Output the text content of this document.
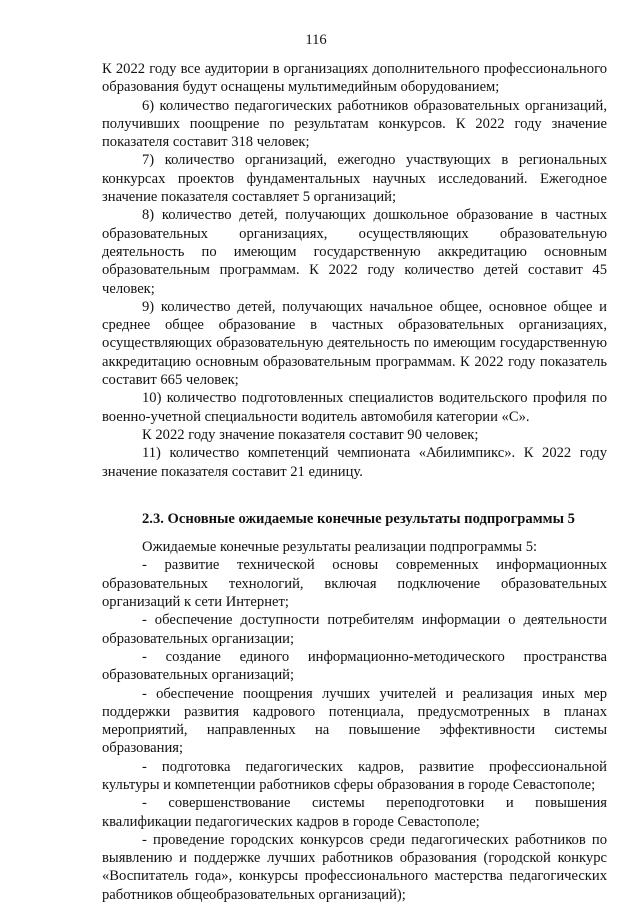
116

К 2022 году все аудитории в организациях дополнительного профессионального образования будут оснащены мультимедийным оборудованием;

6) количество педагогических работников образовательных организаций, получивших поощрение по результатам конкурсов. К 2022 году значение показателя составит 318 человек;

7) количество организаций, ежегодно участвующих в региональных конкурсах проектов фундаментальных научных исследований. Ежегодное значение показателя составляет 5 организаций;

8) количество детей, получающих дошкольное образование в частных образовательных организациях, осуществляющих образовательную деятельность по имеющим государственную аккредитацию основным образовательным программам. К 2022 году количество детей составит 45 человек;

9) количество детей, получающих начальное общее, основное общее и среднее общее образование в частных образовательных организациях, осуществляющих образовательную деятельность по имеющим государственную аккредитацию основным образовательным программам. К 2022 году показатель составит 665 человек;

10) количество подготовленных специалистов водительского профиля по военно-учетной специальности водитель автомобиля категории «С».

К 2022 году значение показателя составит 90 человек;

11) количество компетенций чемпионата «Абилимпикс». К 2022 году значение показателя составит 21 единицу.

2.3. Основные ожидаемые конечные результаты подпрограммы 5

Ожидаемые конечные результаты реализации подпрограммы 5:

- развитие технической основы современных информационных образовательных технологий, включая подключение образовательных организаций к сети Интернет;

- обеспечение доступности потребителям информации о деятельности образовательных организации;

- создание единого информационно-методического пространства образовательных организаций;

- обеспечение поощрения лучших учителей и реализация иных мер поддержки развития кадрового потенциала, предусмотренных в планах мероприятий, направленных на повышение эффективности системы образования;

- подготовка педагогических кадров, развитие профессиональной культуры и компетенции работников сферы образования в городе Севастополе;

- совершенствование системы переподготовки и повышения квалификации педагогических кадров в городе Севастополе;

- проведение городских конкурсов среди педагогических работников по выявлению и поддержке лучших работников образования (городской конкурс «Воспитатель года», конкурсы профессионального мастерства педагогических работников общеобразовательных организаций);
